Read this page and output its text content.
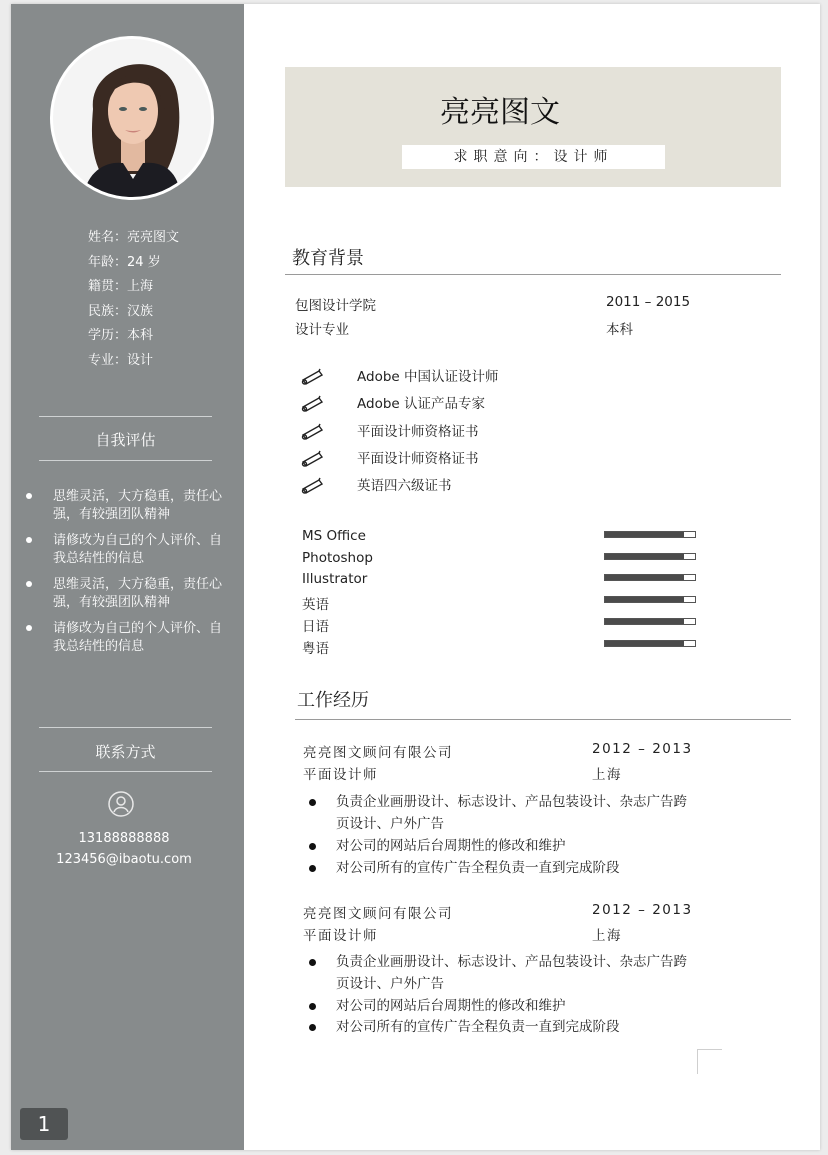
姓名：亮亮图文
年龄：24 岁
籍贯：上海
民族：汉族
学历：本科
专业：设计
自我评估
思维灵活，大方稳重，责任心强，有较强团队精神
请修改为自己的个人评价、自我总结性的信息
思维灵活，大方稳重，责任心强，有较强团队精神
请修改为自己的个人评价、自我总结性的信息
联系方式
13188888888
123456@ibaotu.com
1
亮亮图文
求职意向：设计师
教育背景
包图设计学院	2011 – 2015
设计专业	本科
Adobe 中国认证设计师
Adobe 认证产品专家
平面设计师资格证书
平面设计师资格证书
英语四六级证书
MS Office
Photoshop
Illustrator
英语
日语
粤语
工作经历
亮亮图文顾问有限公司	2012 – 2013
平面设计师	上海
负责企业画册设计、标志设计、产品包装设计、杂志广告跨页设计、户外广告
对公司的网站后台周期性的修改和维护
对公司所有的宣传广告全程负责一直到完成阶段
亮亮图文顾问有限公司	2012 – 2013
平面设计师	上海
负责企业画册设计、标志设计、产品包装设计、杂志广告跨页设计、户外广告
对公司的网站后台周期性的修改和维护
对公司所有的宣传广告全程负责一直到完成阶段
